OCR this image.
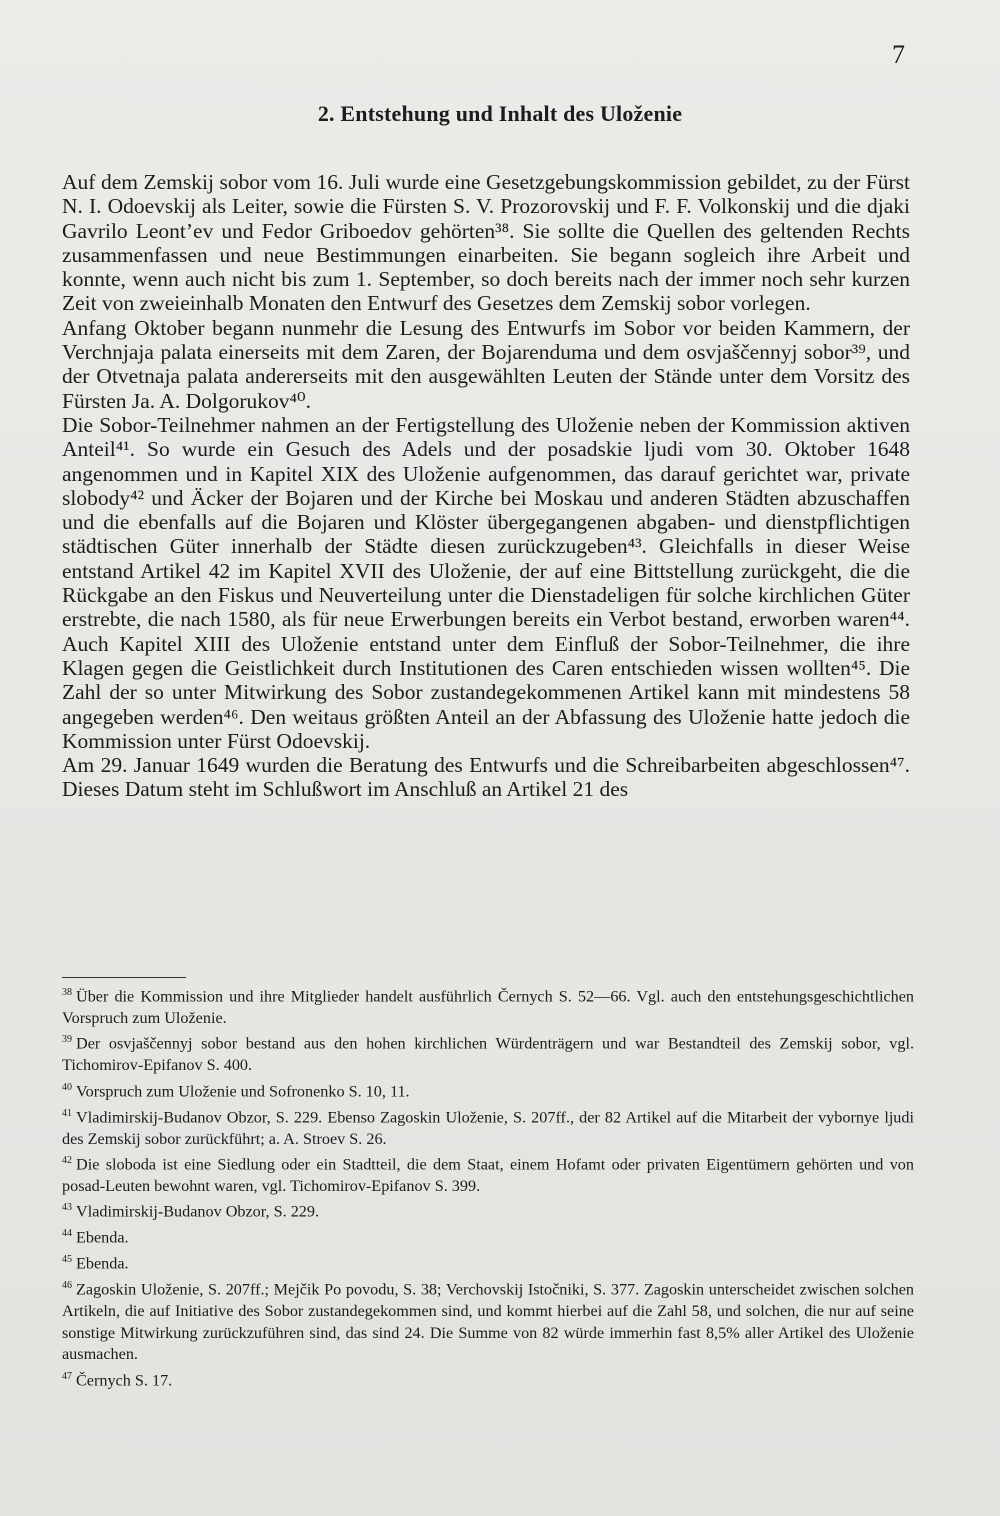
7
2. Entstehung und Inhalt des Uloženie

Auf dem Zemskij sobor vom 16. Juli wurde eine Gesetzgebungskommission gebildet, zu der Fürst N. I. Odoevskij als Leiter, sowie die Fürsten S. V. Prozorovskij und F. F. Volkonskij und die djaki Gavrilo Leont’ev und Fedor Griboedov gehörten³⁸. Sie sollte die Quellen des geltenden Rechts zusammenfassen und neue Bestimmungen einarbeiten. Sie begann sogleich ihre Arbeit und konnte, wenn auch nicht bis zum 1. September, so doch bereits nach der immer noch sehr kurzen Zeit von zweieinhalb Monaten den Entwurf des Gesetzes dem Zemskij sobor vorlegen.

Anfang Oktober begann nunmehr die Lesung des Entwurfs im Sobor vor beiden Kammern, der Verchnjaja palata einerseits mit dem Zaren, der Bojarenduma und dem osvjaščennyj sobor³⁹, und der Otvetnaja palata andererseits mit den ausgewählten Leuten der Stände unter dem Vorsitz des Fürsten Ja. A. Dolgorukov⁴⁰.

Die Sobor-Teilnehmer nahmen an der Fertigstellung des Uloženie neben der Kommission aktiven Anteil⁴¹. So wurde ein Gesuch des Adels und der posadskie ljudi vom 30. Oktober 1648 angenommen und in Kapitel XIX des Uloženie aufgenommen, das darauf gerichtet war, private slobody⁴² und Äcker der Bojaren und der Kirche bei Moskau und anderen Städten abzuschaffen und die ebenfalls auf die Bojaren und Klöster übergegangenen abgaben- und dienstpflichtigen städtischen Güter innerhalb der Städte diesen zurückzugeben⁴³. Gleichfalls in dieser Weise entstand Artikel 42 im Kapitel XVII des Uloženie, der auf eine Bittstellung zurückgeht, die die Rückgabe an den Fiskus und Neuverteilung unter die Dienstadeligen für solche kirchlichen Güter erstrebte, die nach 1580, als für neue Erwerbungen bereits ein Verbot bestand, erworben waren⁴⁴. Auch Kapitel XIII des Uloženie entstand unter dem Einfluß der Sobor-Teilnehmer, die ihre Klagen gegen die Geistlichkeit durch Institutionen des Caren entschieden wissen wollten⁴⁵. Die Zahl der so unter Mitwirkung des Sobor zustandegekommenen Artikel kann mit mindestens 58 angegeben werden⁴⁶. Den weitaus größten Anteil an der Abfassung des Uloženie hatte jedoch die Kommission unter Fürst Odoevskij.

Am 29. Januar 1649 wurden die Beratung des Entwurfs und die Schreibarbeiten abgeschlossen⁴⁷. Dieses Datum steht im Schlußwort im Anschluß an Artikel 21 des

$^{38}$ Über die Kommission und ihre Mitglieder handelt ausführlich Černych S. 52—66. Vgl. auch den entstehungsgeschichtlichen Vorspruch zum Uloženie.

$^{39}$ Der osvjaščennyj sobor bestand aus den hohen kirchlichen Würdenträgern und war Bestandteil des Zemskij sobor, vgl. Tichomirov-Epifanov S. 400.

$^{40}$ Vorspruch zum Uloženie und Sofronenko S. 10, 11.

$^{41}$ Vladimirskij-Budanov Obzor, S. 229. Ebenso Zagoskin Uloženie, S. 207ff., der 82 Artikel auf die Mitarbeit der vybornye ljudi des Zemskij sobor zurückführt; a. A. Stroev S. 26.

$^{42}$ Die sloboda ist eine Siedlung oder ein Stadtteil, die dem Staat, einem Hofamt oder privaten Eigentümern gehörten und von posad-Leuten bewohnt waren, vgl. Tichomirov-Epifanov S. 399.

$^{43}$ Vladimirskij-Budanov Obzor, S. 229.

$^{44}$ Ebenda.

$^{45}$ Ebenda.

$^{46}$ Zagoskin Uloženie, S. 207ff.; Mejčik Po povodu, S. 38; Verchovskij Istočniki, S. 377. Zagoskin unterscheidet zwischen solchen Artikeln, die auf Initiative des Sobor zustandegekommen sind, und kommt hierbei auf die Zahl 58, und solchen, die nur auf seine sonstige Mitwirkung zurückzuführen sind, das sind 24. Die Summe von 82 würde immerhin fast 8,5% aller Artikel des Uloženie ausmachen.

$^{47}$ Černych S. 17.
